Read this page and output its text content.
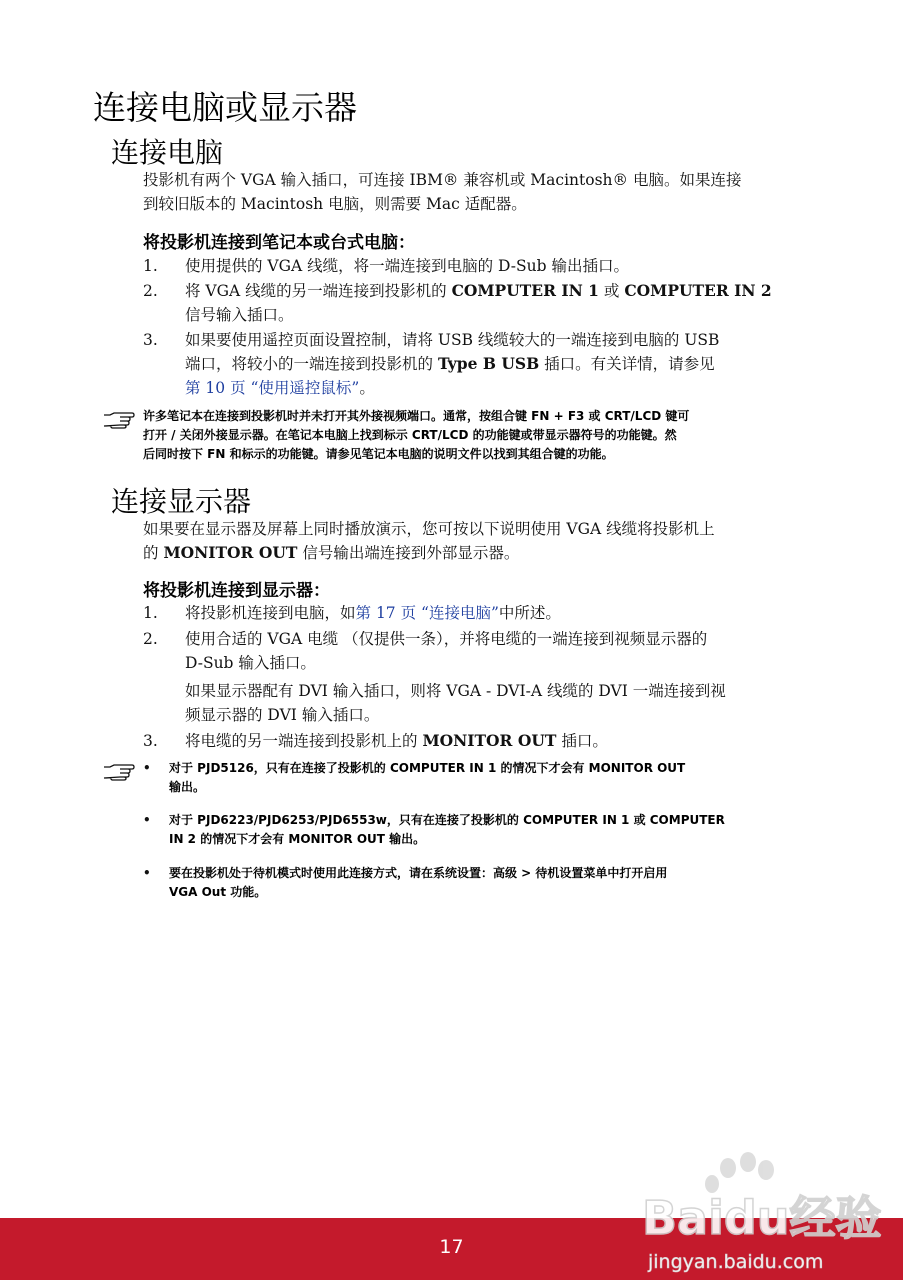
连接电脑或显示器
连接电脑
投影机有两个 VGA 输入插口，可连接 IBM® 兼容机或 Macintosh® 电脑。如果连接
到较旧版本的 Macintosh 电脑，则需要 Mac 适配器。
将投影机连接到笔记本或台式电脑：
1. 使用提供的 VGA 线缆，将一端连接到电脑的 D-Sub 输出插口。
2. 将 VGA 线缆的另一端连接到投影机的 COMPUTER IN 1 或 COMPUTER IN 2
信号输入插口。
3. 如果要使用遥控页面设置控制，请将 USB 线缆较大的一端连接到电脑的 USB
端口，将较小的一端连接到投影机的 Type B USB 插口。有关详情，请参见
第 10 页 “使用遥控鼠标”。
许多笔记本在连接到投影机时并未打开其外接视频端口。通常，按组合键 FN + F3 或 CRT/LCD 键可
打开 / 关闭外接显示器。在笔记本电脑上找到标示 CRT/LCD 的功能键或带显示器符号的功能键。然
后同时按下 FN 和标示的功能键。请参见笔记本电脑的说明文件以找到其组合键的功能。
连接显示器
如果要在显示器及屏幕上同时播放演示，您可按以下说明使用 VGA 线缆将投影机上
的 MONITOR OUT 信号输出端连接到外部显示器。
将投影机连接到显示器：
1. 将投影机连接到电脑，如第 17 页 “连接电脑”中所述。
2. 使用合适的 VGA 电缆 （仅提供一条），并将电缆的一端连接到视频显示器的
D-Sub 输入插口。
如果显示器配有 DVI 输入插口，则将 VGA - DVI-A 线缆的 DVI 一端连接到视
频显示器的 DVI 输入插口。
3. 将电缆的另一端连接到投影机上的 MONITOR OUT 插口。
• 对于 PJD5126，只有在连接了投影机的 COMPUTER IN 1 的情况下才会有 MONITOR OUT
输出。
• 对于 PJD6223/PJD6253/PJD6553w，只有在连接了投影机的 COMPUTER IN 1 或 COMPUTER
IN 2 的情况下才会有 MONITOR OUT 输出。
• 要在投影机处于待机模式时使用此连接方式，请在系统设置：高级 > 待机设置菜单中打开启用
VGA Out 功能。
17
Baidu经验
jingyan.baidu.com
